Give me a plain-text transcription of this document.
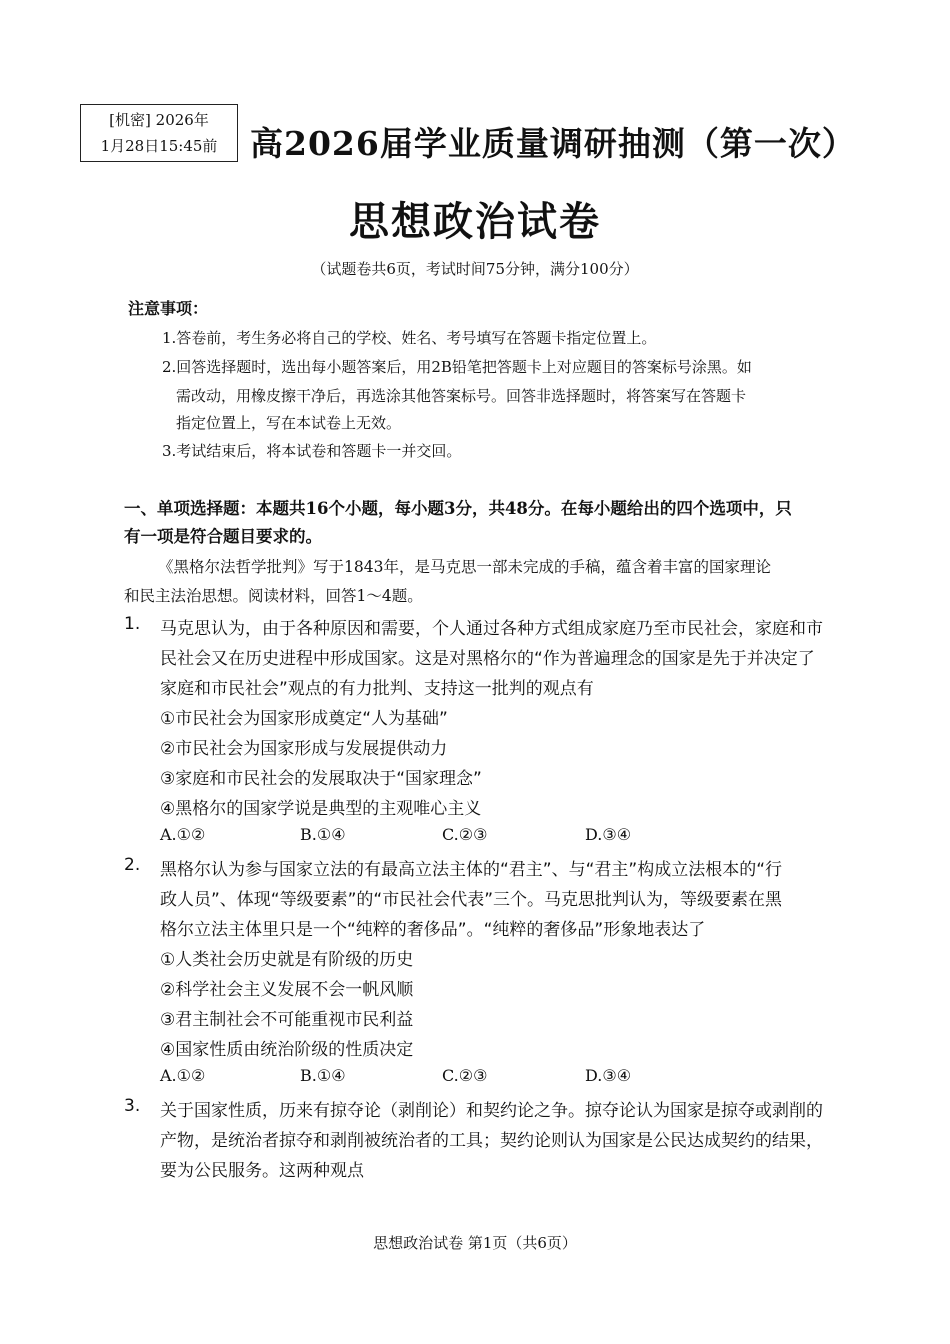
[机密] 2026年
1月28日15:45前 高2026届学业质量调研抽测（第一次）
思想政治试卷
（试题卷共6页，考试时间75分钟，满分100分）
注意事项：
1.答卷前，考生务必将自己的学校、姓名、考号填写在答题卡指定位置上。
2.回答选择题时，选出每小题答案后，用2B铅笔把答题卡上对应题目的答案标号涂黑。如
需改动，用橡皮擦干净后，再选涂其他答案标号。回答非选择题时，将答案写在答题卡
指定位置上，写在本试卷上无效。
3.考试结束后，将本试卷和答题卡一并交回。
一、单项选择题：本题共16个小题，每小题3分，共48分。在每小题给出的四个选项中，只
有一项是符合题目要求的。
《黑格尔法哲学批判》写于1843年，是马克思一部未完成的手稿，蕴含着丰富的国家理论
和民主法治思想。阅读材料，回答1～4题。
1. 马克思认为，由于各种原因和需要，个人通过各种方式组成家庭乃至市民社会，家庭和市
民社会又在历史进程中形成国家。这是对黑格尔的“作为普遍理念的国家是先于并决定了
家庭和市民社会”观点的有力批判、支持这一批判的观点有
①市民社会为国家形成奠定“人为基础”
②市民社会为国家形成与发展提供动力
③家庭和市民社会的发展取决于“国家理念”
④黑格尔的国家学说是典型的主观唯心主义
A.①②	B.①④	C.②③	D.③④
2. 黑格尔认为参与国家立法的有最高立法主体的“君主”、与“君主”构成立法根本的“行
政人员”、体现“等级要素”的“市民社会代表”三个。马克思批判认为，等级要素在黑
格尔立法主体里只是一个“纯粹的奢侈品”。“纯粹的奢侈品”形象地表达了
①人类社会历史就是有阶级的历史
②科学社会主义发展不会一帆风顺
③君主制社会不可能重视市民利益
④国家性质由统治阶级的性质决定
A.①②	B.①④	C.②③	D.③④
3. 关于国家性质，历来有掠夺论（剥削论）和契约论之争。掠夺论认为国家是掠夺或剥削的
产物，是统治者掠夺和剥削被统治者的工具；契约论则认为国家是公民达成契约的结果，
要为公民服务。这两种观点
思想政治试卷 第1页（共6页）
